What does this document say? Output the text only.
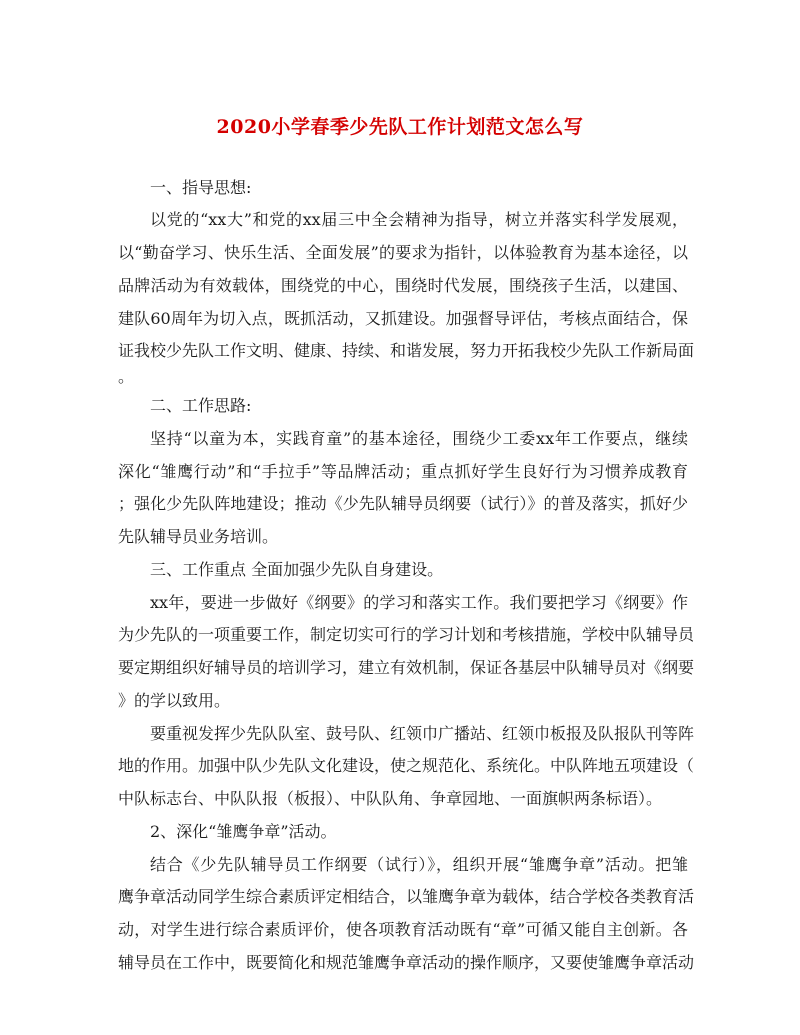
2020小学春季少先队工作计划范文怎么写
一、指导思想:
以党的“xx大”和党的xx届三中全会精神为指导，树立并落实科学发展观，
以“勤奋学习、快乐生活、全面发展”的要求为指针，以体验教育为基本途径，以
品牌活动为有效载体，围绕党的中心，围绕时代发展，围绕孩子生活，以建国、
建队60周年为切入点，既抓活动，又抓建设。加强督导评估，考核点面结合，保
证我校少先队工作文明、健康、持续、和谐发展，努力开拓我校少先队工作新局面
。
二、工作思路:
坚持“以童为本，实践育童”的基本途径，围绕少工委xx年工作要点，继续
深化“雏鹰行动”和“手拉手”等品牌活动；重点抓好学生良好行为习惯养成教育
；强化少先队阵地建设；推动《少先队辅导员纲要（试行）》的普及落实，抓好少
先队辅导员业务培训。
三、工作重点 全面加强少先队自身建设。
xx年，要进一步做好《纲要》的学习和落实工作。我们要把学习《纲要》作
为少先队的一项重要工作，制定切实可行的学习计划和考核措施，学校中队辅导员
要定期组织好辅导员的培训学习，建立有效机制，保证各基层中队辅导员对《纲要
》的学以致用。
要重视发挥少先队队室、鼓号队、红领巾广播站、红领巾板报及队报队刊等阵
地的作用。加强中队少先队文化建设，使之规范化、系统化。中队阵地五项建设（
中队标志台、中队队报（板报）、中队队角、争章园地、一面旗帜两条标语）。
2、深化“雏鹰争章”活动。
结合《少先队辅导员工作纲要（试行）》，组织开展“雏鹰争章”活动。把雏
鹰争章活动同学生综合素质评定相结合，以雏鹰争章为载体，结合学校各类教育活
动，对学生进行综合素质评价，使各项教育活动既有“章”可循又能自主创新。各
辅导员在工作中，既要简化和规范雏鹰争章活动的操作顺序，又要使雏鹰争章活动
